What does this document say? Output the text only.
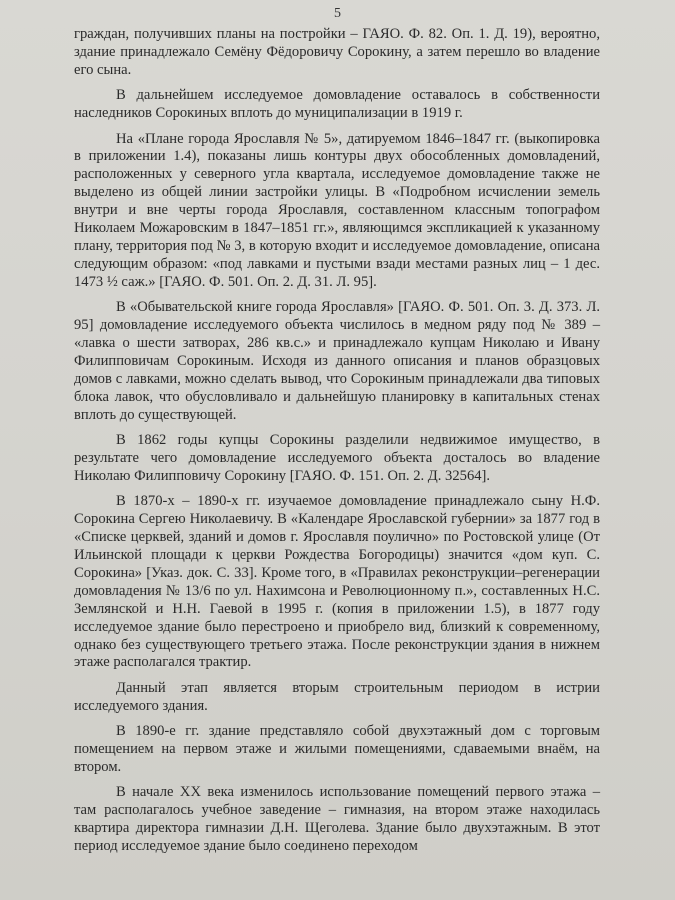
5

граждан, получивших планы на постройки – ГАЯО. Ф. 82. Оп. 1. Д. 19), вероятно, здание принадлежало Семёну Фёдоровичу Сорокину, а затем перешло во владение его сына.

В дальнейшем исследуемое домовладение оставалось в собственности наследников Сорокиных вплоть до муниципализации в 1919 г.

На «Плане города Ярославля № 5», датируемом 1846–1847 гг. (выкопировка в приложении 1.4), показаны лишь контуры двух обособленных домовладений, расположенных у северного угла квартала, исследуемое домовладение также не выделено из общей линии застройки улицы. В «Подробном исчислении земель внутри и вне черты города Ярославля, составленном классным топографом Николаем Можаровским в 1847–1851 гг.», являющимся экспликацией к указанному плану, территория под № 3, в которую входит и исследуемое домовладение, описана следующим образом: «под лавками и пустыми взади местами разных лиц – 1 дес. 1473 ½ саж.» [ГАЯО. Ф. 501. Оп. 2. Д. 31. Л. 95].

В «Обывательской книге города Ярославля» [ГАЯО. Ф. 501. Оп. 3. Д. 373. Л. 95] домовладение исследуемого объекта числилось в медном ряду под № 389 – «лавка о шести затворах, 286 кв.с.» и принадлежало купцам Николаю и Ивану Филипповичам Сорокиным. Исходя из данного описания и планов образцовых домов с лавками, можно сделать вывод, что Сорокиным принадлежали два типовых блока лавок, что обусловливало и дальнейшую планировку в капитальных стенах вплоть до существующей.

В 1862 годы купцы Сорокины разделили недвижимое имущество, в результате чего домовладение исследуемого объекта досталось во владение Николаю Филипповичу Сорокину [ГАЯО. Ф. 151. Оп. 2. Д. 32564].

В 1870-х – 1890-х гг. изучаемое домовладение принадлежало сыну Н.Ф. Сорокина Сергею Николаевичу. В «Календаре Ярославской губернии» за 1877 год в «Списке церквей, зданий и домов г. Ярославля поулично» по Ростовской улице (От Ильинской площади к церкви Рождества Богородицы) значится «дом куп. С. Сорокина» [Указ. док. С. 33]. Кроме того, в «Правилах реконструкции–регенерации домовладения № 13/6 по ул. Нахимсона и Революционному п.», составленных Н.С. Землянской и Н.Н. Гаевой в 1995 г. (копия в приложении 1.5), в 1877 году исследуемое здание было перестроено и приобрело вид, близкий к современному, однако без существующего третьего этажа. После реконструкции здания в нижнем этаже располагался трактир.

Данный этап является вторым строительным периодом в истрии исследуемого здания.

В 1890-е гг. здание представляло собой двухэтажный дом с торговым помещением на первом этаже и жилыми помещениями, сдаваемыми внаём, на втором.

В начале XX века изменилось использование помещений первого этажа – там располагалось учебное заведение – гимназия, на втором этаже находилась квартира директора гимназии Д.Н. Щеголева. Здание было двухэтажным. В этот период исследуемое здание было соединено переходом
